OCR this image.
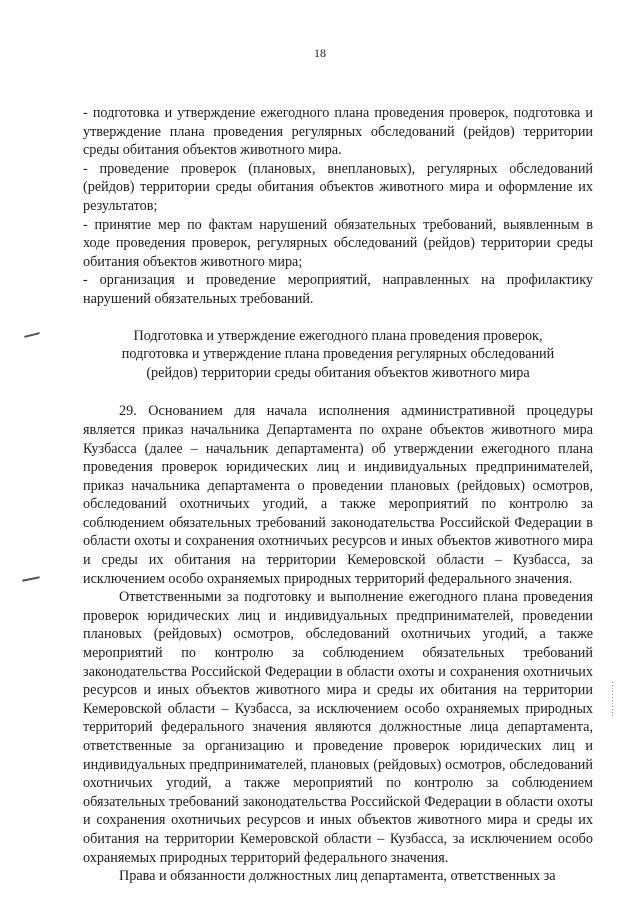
18

- подготовка и утверждение ежегодного плана проведения проверок, подготовка и утверждение плана проведения регулярных обследований (рейдов) территории среды обитания объектов животного мира.

- проведение проверок (плановых, внеплановых), регулярных обследований (рейдов) территории среды обитания объектов животного мира и оформление их результатов;

- принятие мер по фактам нарушений обязательных требований, выявленным в ходе проведения проверок, регулярных обследований (рейдов) территории среды обитания объектов животного мира;

- организация и проведение мероприятий, направленных на профилактику нарушений обязательных требований.

Подготовка и утверждение ежегодного плана проведения проверок, подготовка и утверждение плана проведения регулярных обследований (рейдов) территории среды обитания объектов животного мира

29. Основанием для начала исполнения административной процедуры является приказ начальника Департамента по охране объектов животного мира Кузбасса (далее – начальник департамента) об утверждении ежегодного плана проведения проверок юридических лиц и индивидуальных предпринимателей, приказ начальника департамента о проведении плановых (рейдовых) осмотров, обследований охотничьих угодий, а также мероприятий по контролю за соблюдением обязательных требований законодательства Российской Федерации в области охоты и сохранения охотничьих ресурсов и иных объектов животного мира и среды их обитания на территории Кемеровской области – Кузбасса, за исключением особо охраняемых природных территорий федерального значения.

Ответственными за подготовку и выполнение ежегодного плана проведения проверок юридических лиц и индивидуальных предпринимателей, проведении плановых (рейдовых) осмотров, обследований охотничьих угодий, а также мероприятий по контролю за соблюдением обязательных требований законодательства Российской Федерации в области охоты и сохранения охотничьих ресурсов и иных объектов животного мира и среды их обитания на территории Кемеровской области – Кузбасса, за исключением особо охраняемых природных территорий федерального значения являются должностные лица департамента, ответственные за организацию и проведение проверок юридических лиц и индивидуальных предпринимателей, плановых (рейдовых) осмотров, обследований охотничьих угодий, а также мероприятий по контролю за соблюдением обязательных требований законодательства Российской Федерации в области охоты и сохранения охотничьих ресурсов и иных объектов животного мира и среды их обитания на территории Кемеровской области – Кузбасса, за исключением особо охраняемых природных территорий федерального значения.

Права и обязанности должностных лиц департамента, ответственных за
